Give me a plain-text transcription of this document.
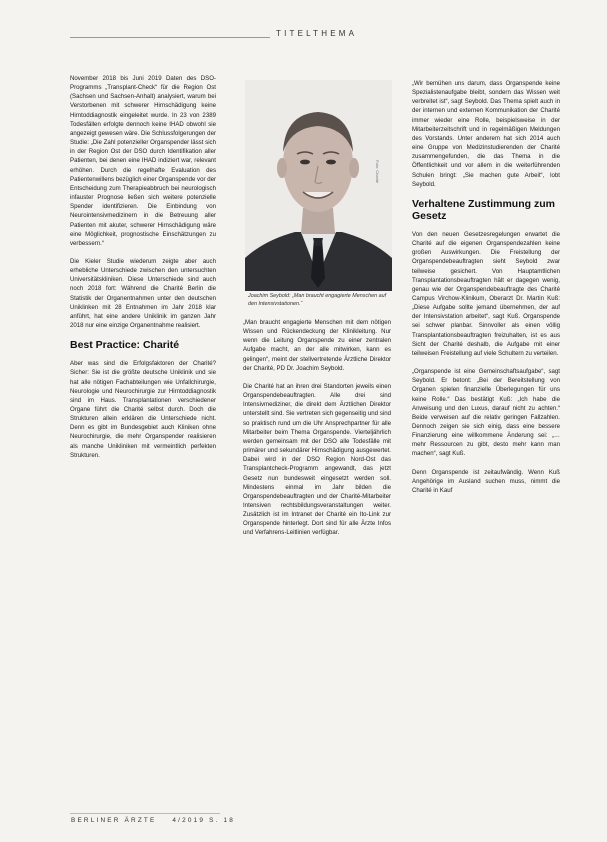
TITELTHEMA

November 2018 bis Juni 2019 Daten des DSO-Programms „Transplant-Check“ für die Region Ost (Sachsen und Sachsen-Anhalt) analysiert, warum bei Verstorbenen mit schwerer Hirnschädigung keine Hirntoddiagnostik eingeleitet wurde. In 23 von 2389 Todesfällen erfolgte dennoch keine IHAD obwohl sie angezeigt gewesen wäre. Die Schlussfolgerungen der Studie: „Die Zahl potenzieller Organspender lässt sich in der Region Ost der DSO durch Identifikation aller Patienten, bei denen eine IHAD indiziert war, relevant erhöhen. Durch die regelhafte Evaluation des Patientenwillens bezüglich einer Organspende vor der Entscheidung zum Therapieabbruch bei neurologisch infauster Prognose ließen sich weitere potenzielle Spender identifizieren. Die Einbindung von Neurointensivmedizinern in die Betreuung aller Patienten mit akuter, schwerer Hirnschädigung wäre eine Möglichkeit, prognostische Einschätzungen zu verbessern.“

Die Kieler Studie wiederum zeigte aber auch erhebliche Unterschiede zwischen den untersuchten Universitätskliniken. Diese Unterschiede sind auch noch 2018 fort: Während die Charité Berlin die Statistik der Organentnahmen unter den deutschen Uniklinken mit 28 Entnahmen im Jahr 2018 klar anführt, hat eine andere Uniklinik im ganzen Jahr 2018 nur eine einzige Organentnahme realisiert.

Best Practice: Charité

Aber was sind die Erfolgsfaktoren der Charité? Sicher: Sie ist die größte deutsche Uniklinik und sie hat alle nötigen Fachabteilungen wie Unfallchirurgie, Neurologie und Neurochirurgie zur Hirntoddiagnostik sind im Haus. Transplantationen verschiedener Organe führt die Charité selbst durch. Doch die Strukturen allein erklären die Unterschiede nicht. Denn es gibt im Bundesgebiet auch Kliniken ohne Neurochirurgie, die mehr Organspender realisieren als manche Unikliniken mit vermeintlich perfekten Strukturen.

Foto: Charité
Joachim Seybold: „Man braucht engagierte Menschen auf den Intensivstationen.“

„Man braucht engagierte Menschen mit dem nötigen Wissen und Rückendeckung der Klinikleitung. Nur wenn die Leitung Organspende zu einer zentralen Aufgabe macht, an der alle mitwirken, kann es gelingen“, meint der stellvertretende Ärztliche Direktor der Charité, PD Dr. Joachim Seybold.

Die Charité hat an ihren drei Standorten jeweils einen Organspendebeauftragten. Alle drei sind Intensivmediziner, die direkt dem Ärztlichen Direktor unterstellt sind. Sie vertreten sich gegenseitig und sind so praktisch rund um die Uhr Ansprechpartner für alle Mitarbeiter beim Thema Organspende. Vierteljährlich werden gemeinsam mit der DSO alle Todesfälle mit primärer und sekundärer Hirnschädigung ausgewertet. Dabei wird in der DSO Region Nord-Ost das Transplantcheck-Programm angewandt, das jetzt Gesetz nun bundesweit eingesetzt werden soll. Mindestens einmal im Jahr bilden die Organspendebeauftragten und der Charité-Mitarbeiter Intensiven rechtsbildungsveranstaltungen weiter. Zusätzlich ist im Intranet der Charité ein Ito-Link zur Organspende hinterlegt. Dort sind für alle Ärzte Infos und Verfahrens-Leitlinien verfügbar.

„Wir bemühen uns darum, dass Organspende keine Spezialistenaufgabe bleibt, sondern das Wissen weit verbreitet ist“, sagt Seybold. Das Thema spielt auch in der internen und externen Kommunikation der Charité immer wieder eine Rolle, beispielsweise in der Mitarbeiterzeitschrift und in regelmäßigen Meldungen des Vorstands. Unter anderem hat sich 2014 auch eine Gruppe von Medizinstudierenden der Charité zusammengefunden, die das Thema in die Öffentlichkeit und vor allem in die weiterführenden Schulen bringt: „Sie machen gute Arbeit“, lobt Seybold.

Verhaltene Zustimmung zum Gesetz

Von den neuen Gesetzesregelungen erwartet die Charité auf die eigenen Organspendezahlen keine großen Auswirkungen. Die Freistellung der Organspendebeauftragten sieht Seybold zwar teilweise gesichert. Von Hauptamtlichen Transplantationsbeauftragten hält er dagegen wenig, genau wie der Organspendebeauftragte des Charité Campus Virchow-Klinikum, Oberarzt Dr. Martin Kuß: „Diese Aufgabe sollte jemand übernehmen, der auf der Intensivstation arbeitet“, sagt Kuß. Organspende sei schwer planbar. Sinnvoller als einen völlig Transplantationsbeauftragten freizuhalten, ist es aus Sicht der Charité deshalb, die Aufgabe mit einer teilweisen Freistellung auf viele Schultern zu verteilen.

„Organspende ist eine Gemeinschaftsaufgabe“, sagt Seybold. Er betont: „Bei der Bereitstellung von Organen spielen finanzielle Überlegungen für uns keine Rolle.“ Das bestätigt Kuß: „Ich habe die Anweisung und den Luxus, darauf nicht zu achten.“ Beide verweisen auf die relativ geringen Fallzahlen. Dennoch zeigen sie sich einig, dass eine bessere Finanzierung eine willkommene Änderung sei: „… mehr Ressourcen zu gibt, desto mehr kann man machen“, sagt Kuß.

Denn Organspende ist zeitaufwändig. Wenn Kuß Angehörige im Ausland suchen muss, nimmt die Charité in Kauf

BERLINER ÄRZTE 4/2019 S. 18
